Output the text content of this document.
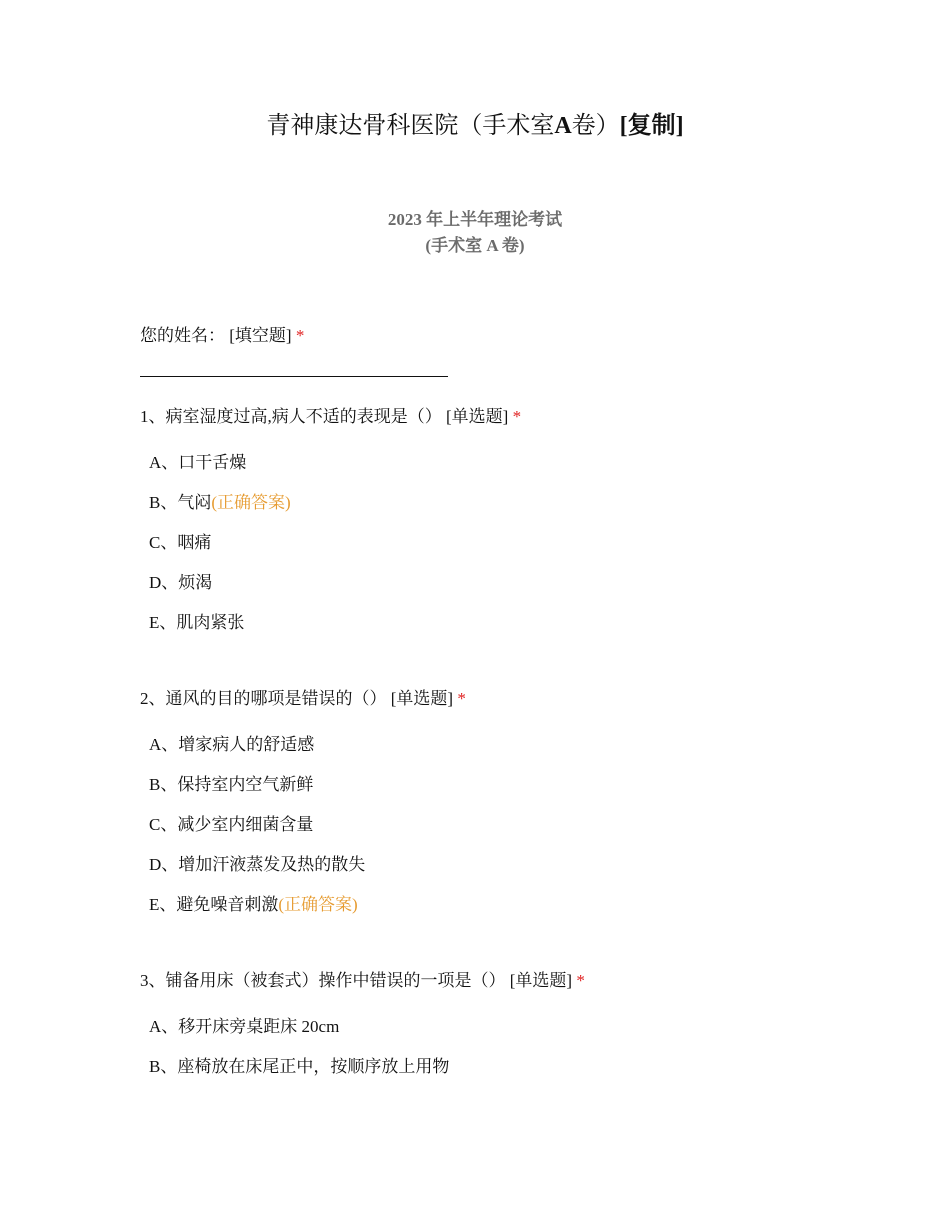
青神康达骨科医院（手术室A卷）[复制]
2023 年上半年理论考试
(手术室 A 卷)
您的姓名： [填空题] *
1、病室湿度过高,病人不适的表现是（） [单选题] *
A、口干舌燥
B、气闷(正确答案)
C、咽痛
D、烦渴
E、肌肉紧张
2、通风的目的哪项是错误的（） [单选题] *
A、增家病人的舒适感
B、保持室内空气新鲜
C、减少室内细菌含量
D、增加汗液蒸发及热的散失
E、避免噪音刺激(正确答案)
3、铺备用床（被套式）操作中错误的一项是（） [单选题] *
A、移开床旁桌距床 20cm
B、座椅放在床尾正中，按顺序放上用物
